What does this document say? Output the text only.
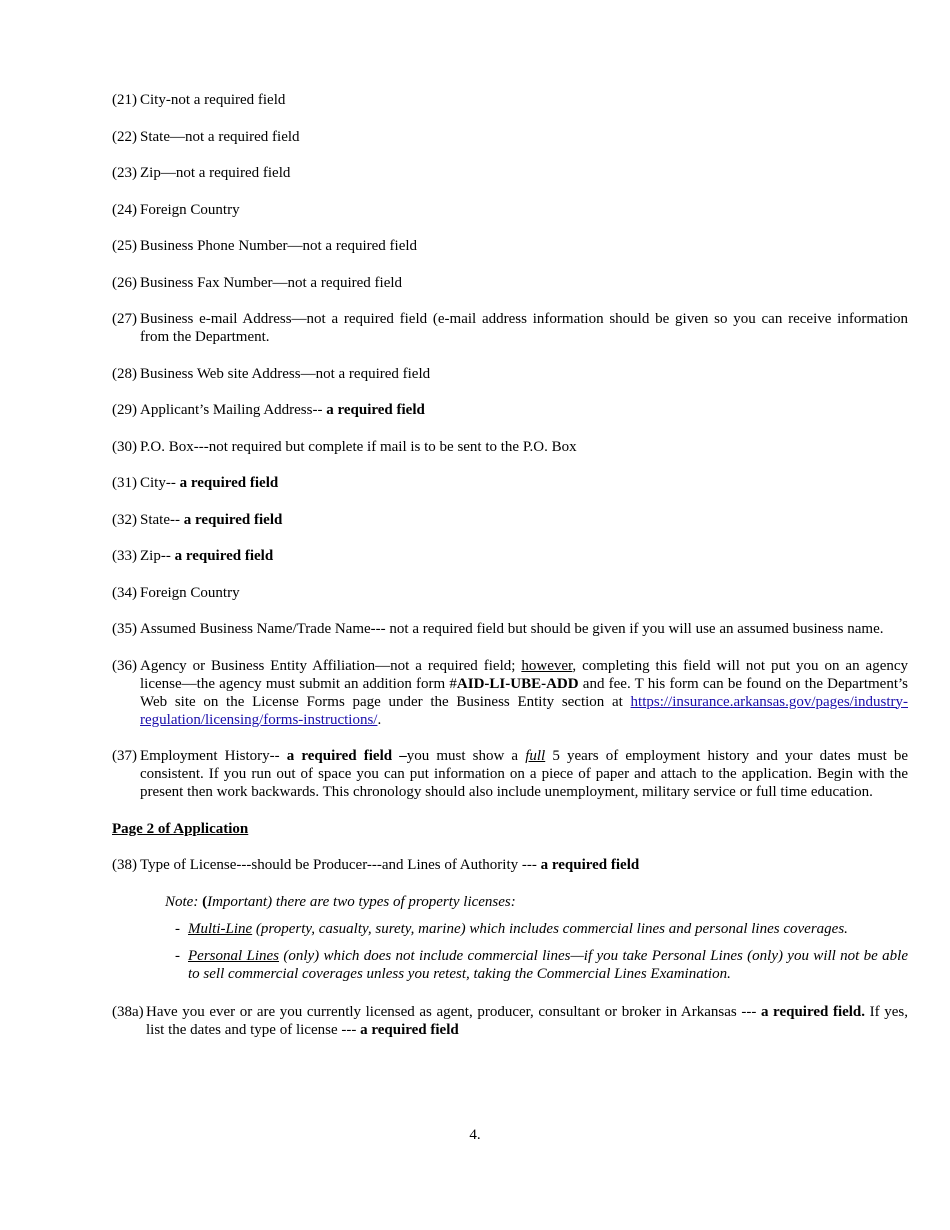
(21) City-not a required field
(22) State—not a required field
(23) Zip—not a required field
(24) Foreign Country
(25) Business Phone Number—not a required field
(26) Business Fax Number—not a required field
(27) Business e-mail Address—not a required field (e-mail address information should be given so you can receive information from the Department.
(28) Business Web site Address—not a required field
(29) Applicant’s Mailing Address-- a required field
(30) P.O. Box---not required but complete if mail is to be sent to the P.O. Box
(31) City-- a required field
(32) State-- a required field
(33) Zip-- a required field
(34) Foreign Country
(35) Assumed Business Name/Trade Name--- not a required field but should be given if you will use an assumed business name.
(36) Agency or Business Entity Affiliation—not a required field; however, completing this field will not put you on an agency license—the agency must submit an addition form #AID-LI-UBE-ADD and fee. T his form can be found on the Department’s Web site on the License Forms page under the Business Entity section at https://insurance.arkansas.gov/pages/industry-regulation/licensing/forms-instructions/.
(37) Employment History-- a required field –you must show a full 5 years of employment history and your dates must be consistent. If you run out of space you can put information on a piece of paper and attach to the application. Begin with the present then work backwards. This chronology should also include unemployment, military service or full time education.
Page 2 of Application
(38) Type of License---should be Producer---and Lines of Authority --- a required field
Note: (Important) there are two types of property licenses:
- Multi-Line (property, casualty, surety, marine) which includes commercial lines and personal lines coverages.
- Personal Lines (only) which does not include commercial lines—if you take Personal Lines (only) you will not be able to sell commercial coverages unless you retest, taking the Commercial Lines Examination.
(38a) Have you ever or are you currently licensed as agent, producer, consultant or broker in Arkansas --- a required field. If yes, list the dates and type of license --- a required field
4.
